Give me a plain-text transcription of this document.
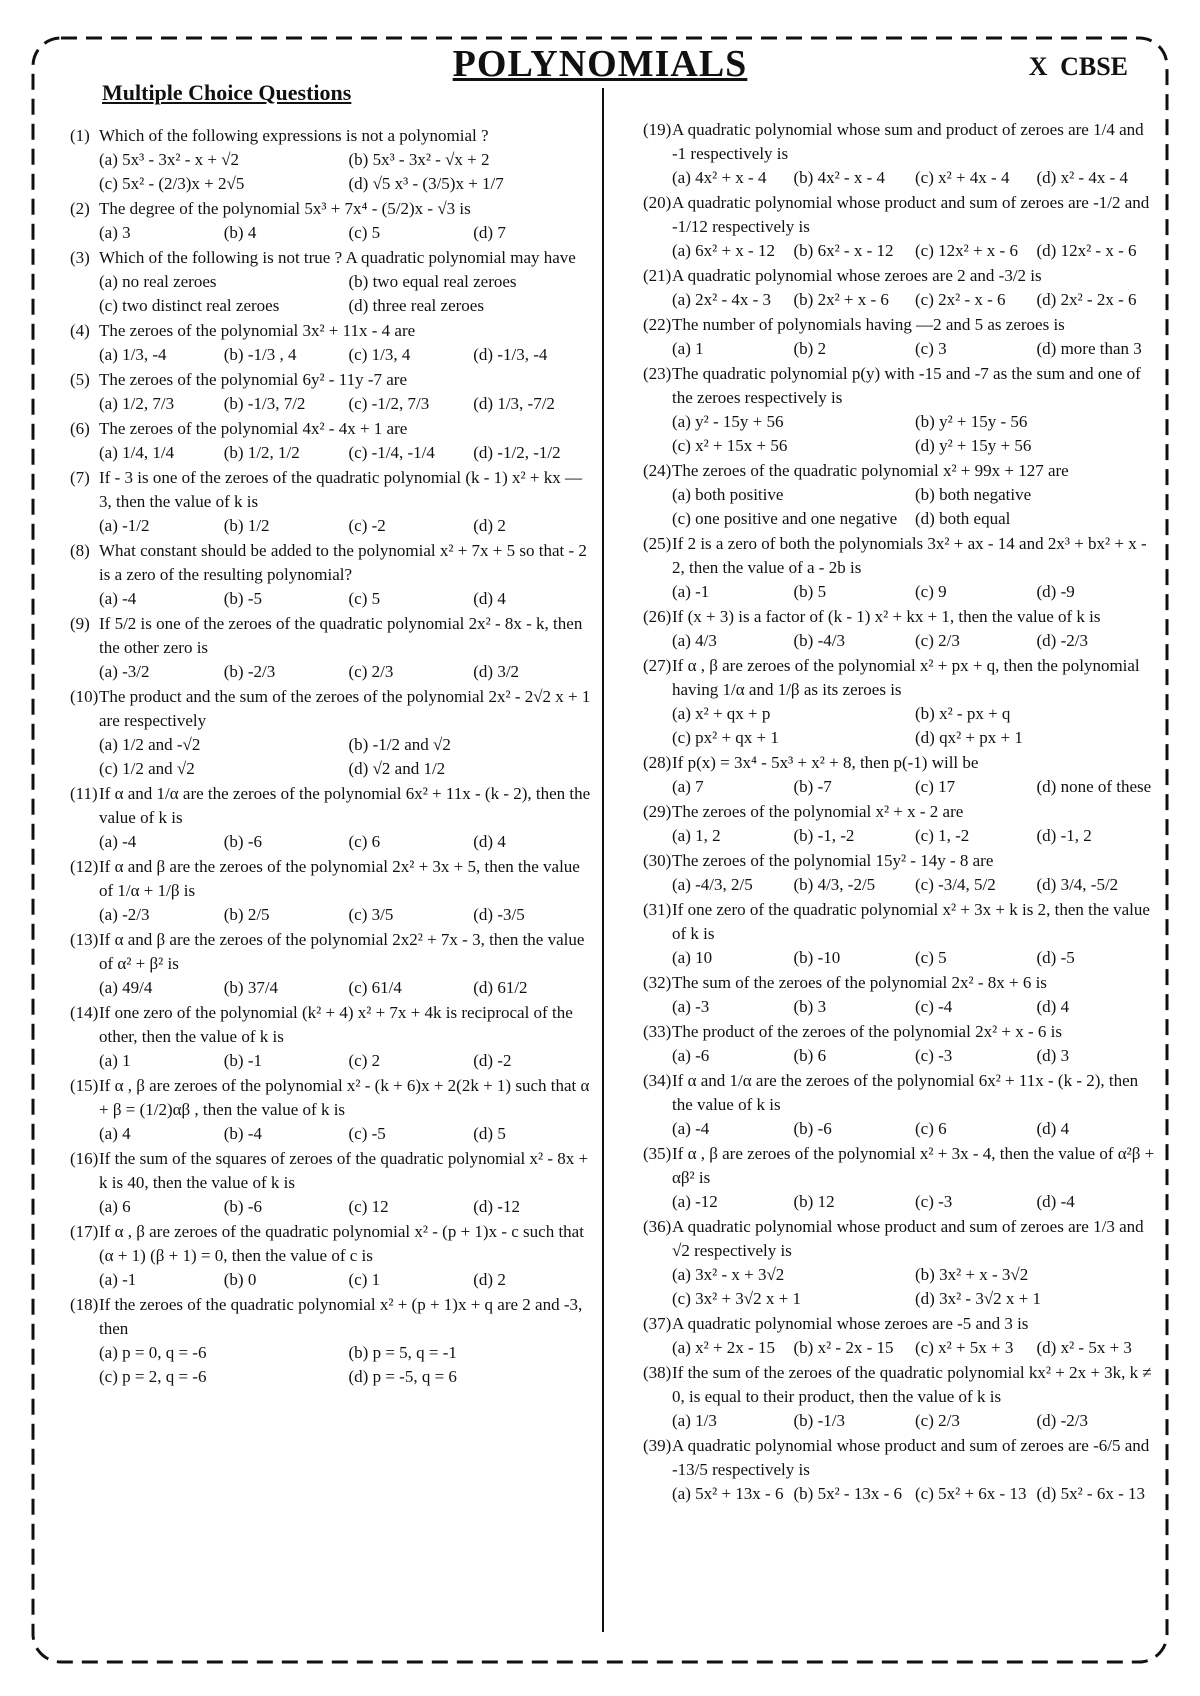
POLYNOMIALS	X CBSE
Multiple Choice Questions
(1) Which of the following expressions is not a polynomial ?
(a) 5x³ - 3x² - x + √2	(b) 5x³ - 3x² - √x + 2
(c) 5x² - (2/3)x + 2√5	(d) √5 x³ - (3/5)x + 1/7
(2) The degree of the polynomial 5x³ + 7x⁴ - (5/2)x - √3 is
(a) 3	(b) 4	(c) 5	(d) 7
(3) Which of the following is not true ? A quadratic polynomial may have
(a) no real zeroes	(b) two equal real zeroes
(c) two distinct real zeroes	(d) three real zeroes
(4) The zeroes of the polynomial 3x² + 11x - 4 are
(a) 1/3, -4	(b) -1/3 , 4	(c) 1/3, 4	(d) -1/3, -4
(5) The zeroes of the polynomial 6y² - 11y -7 are
(a) 1/2, 7/3	(b) -1/3, 7/2	(c) -1/2, 7/3	(d) 1/3, -7/2
(6) The zeroes of the polynomial 4x² - 4x + 1 are
(a) 1/4, 1/4	(b) 1/2, 1/2	(c) -1/4, -1/4	(d) -1/2, -1/2
(7) If - 3 is one of the zeroes of the quadratic polynomial (k - 1) x² + kx — 3, then the value of k is
(a) -1/2	(b) 1/2	(c) -2	(d) 2
(8) What constant should be added to the polynomial x² + 7x + 5 so that - 2 is a zero of the resulting polynomial?
(a) -4	(b) -5	(c) 5	(d) 4
(9) If 5/2 is one of the zeroes of the quadratic polynomial 2x² - 8x - k, then the other zero is
(a) -3/2	(b) -2/3	(c) 2/3	(d) 3/2
(10) The product and the sum of the zeroes of the polynomial 2x² - 2√2 x + 1 are respectively
(a) 1/2 and -√2	(b) -1/2 and √2
(c) 1/2 and √2	(d) √2 and 1/2
(11) If α and 1/α are the zeroes of the polynomial 6x² + 11x - (k - 2), then the value of k is
(a) -4	(b) -6	(c) 6	(d) 4
(12) If α and β are the zeroes of the polynomial 2x² + 3x + 5, then the value of 1/α + 1/β is
(a) -2/3	(b) 2/5	(c) 3/5	(d) -3/5
(13) If α and β are the zeroes of the polynomial 2x2² + 7x - 3, then the value of α² + β² is
(a) 49/4	(b) 37/4	(c) 61/4	(d) 61/2
(14) If one zero of the polynomial (k² + 4) x² + 7x + 4k is reciprocal of the other, then the value of k is
(a) 1	(b) -1	(c) 2	(d) -2
(15) If α , β are zeroes of the polynomial x² - (k + 6)x + 2(2k + 1) such that α + β = (1/2)αβ , then the value of k is
(a) 4	(b) -4	(c) -5	(d) 5
(16) If the sum of the squares of zeroes of the quadratic polynomial x² - 8x + k is 40, then the value of k is
(a) 6	(b) -6	(c) 12	(d) -12
(17) If α , β are zeroes of the quadratic polynomial x² - (p + 1)x - c such that (α + 1) (β + 1) = 0, then the value of c is
(a) -1	(b) 0	(c) 1	(d) 2
(18) If the zeroes of the quadratic polynomial x² + (p + 1)x + q are 2 and -3, then
(a) p = 0, q = -6	(b) p = 5, q = -1
(c) p = 2, q = -6	(d) p = -5, q = 6
(19) A quadratic polynomial whose sum and product of zeroes are 1/4 and -1 respectively is
(a) 4x² + x - 4	(b) 4x² - x - 4	(c) x² + 4x - 4	(d) x² - 4x - 4
(20) A quadratic polynomial whose product and sum of zeroes are -1/2 and -1/12 respectively is
(a) 6x² + x - 12	(b) 6x² - x - 12	(c) 12x² + x - 6	(d) 12x² - x - 6
(21) A quadratic polynomial whose zeroes are 2 and -3/2 is
(a) 2x² - 4x - 3	(b) 2x² + x - 6	(c) 2x² - x - 6	(d) 2x² - 2x - 6
(22) The number of polynomials having —2 and 5 as zeroes is
(a) 1	(b) 2	(c) 3	(d) more than 3
(23) The quadratic polynomial p(y) with -15 and -7 as the sum and one of the zeroes respectively is
(a) y² - 15y + 56	(b) y² + 15y - 56
(c) x² + 15x + 56	(d) y² + 15y + 56
(24) The zeroes of the quadratic polynomial x² + 99x + 127 are
(a) both positive	(b) both negative
(c) one positive and one negative	(d) both equal
(25) If 2 is a zero of both the polynomials 3x² + ax - 14 and 2x³ + bx² + x - 2, then the value of a - 2b is
(a) -1	(b) 5	(c) 9	(d) -9
(26) If (x + 3) is a factor of (k - 1) x² + kx + 1, then the value of k is
(a) 4/3	(b) -4/3	(c) 2/3	(d) -2/3
(27) If α , β are zeroes of the polynomial x² + px + q, then the polynomial having 1/α and 1/β as its zeroes is
(a) x² + qx + p	(b) x² - px + q
(c) px² + qx + 1	(d) qx² + px + 1
(28) If p(x) = 3x⁴ - 5x³ + x² + 8, then p(-1) will be
(a) 7	(b) -7	(c) 17	(d) none of these
(29) The zeroes of the polynomial x² + x - 2 are
(a) 1, 2	(b) -1, -2	(c) 1, -2	(d) -1, 2
(30) The zeroes of the polynomial 15y² - 14y - 8 are
(a) -4/3, 2/5	(b) 4/3, -2/5	(c) -3/4, 5/2	(d) 3/4, -5/2
(31) If one zero of the quadratic polynomial x² + 3x + k is 2, then the value of k is
(a) 10	(b) -10	(c) 5	(d) -5
(32) The sum of the zeroes of the polynomial 2x² - 8x + 6 is
(a) -3	(b) 3	(c) -4	(d) 4
(33) The product of the zeroes of the polynomial 2x² + x - 6 is
(a) -6	(b) 6	(c) -3	(d) 3
(34) If α and 1/α are the zeroes of the polynomial 6x² + 11x - (k - 2), then the value of k is
(a) -4	(b) -6	(c) 6	(d) 4
(35) If α , β are zeroes of the polynomial x² + 3x - 4, then the value of α²β + αβ² is
(a) -12	(b) 12	(c) -3	(d) -4
(36) A quadratic polynomial whose product and sum of zeroes are 1/3 and √2 respectively is
(a) 3x² - x + 3√2	(b) 3x² + x - 3√2
(c) 3x² + 3√2 x + 1	(d) 3x² - 3√2 x + 1
(37) A quadratic polynomial whose zeroes are -5 and 3 is
(a) x² + 2x - 15	(b) x² - 2x - 15	(c) x² + 5x + 3	(d) x² - 5x + 3
(38) If the sum of the zeroes of the quadratic polynomial kx² + 2x + 3k, k ≠ 0, is equal to their product, then the value of k is
(a) 1/3	(b) -1/3	(c) 2/3	(d) -2/3
(39) A quadratic polynomial whose product and sum of zeroes are -6/5 and -13/5 respectively is
(a) 5x² + 13x - 6 (b) 5x² - 13x - 6 (c) 5x² + 6x - 13 (d) 5x² - 6x - 13
